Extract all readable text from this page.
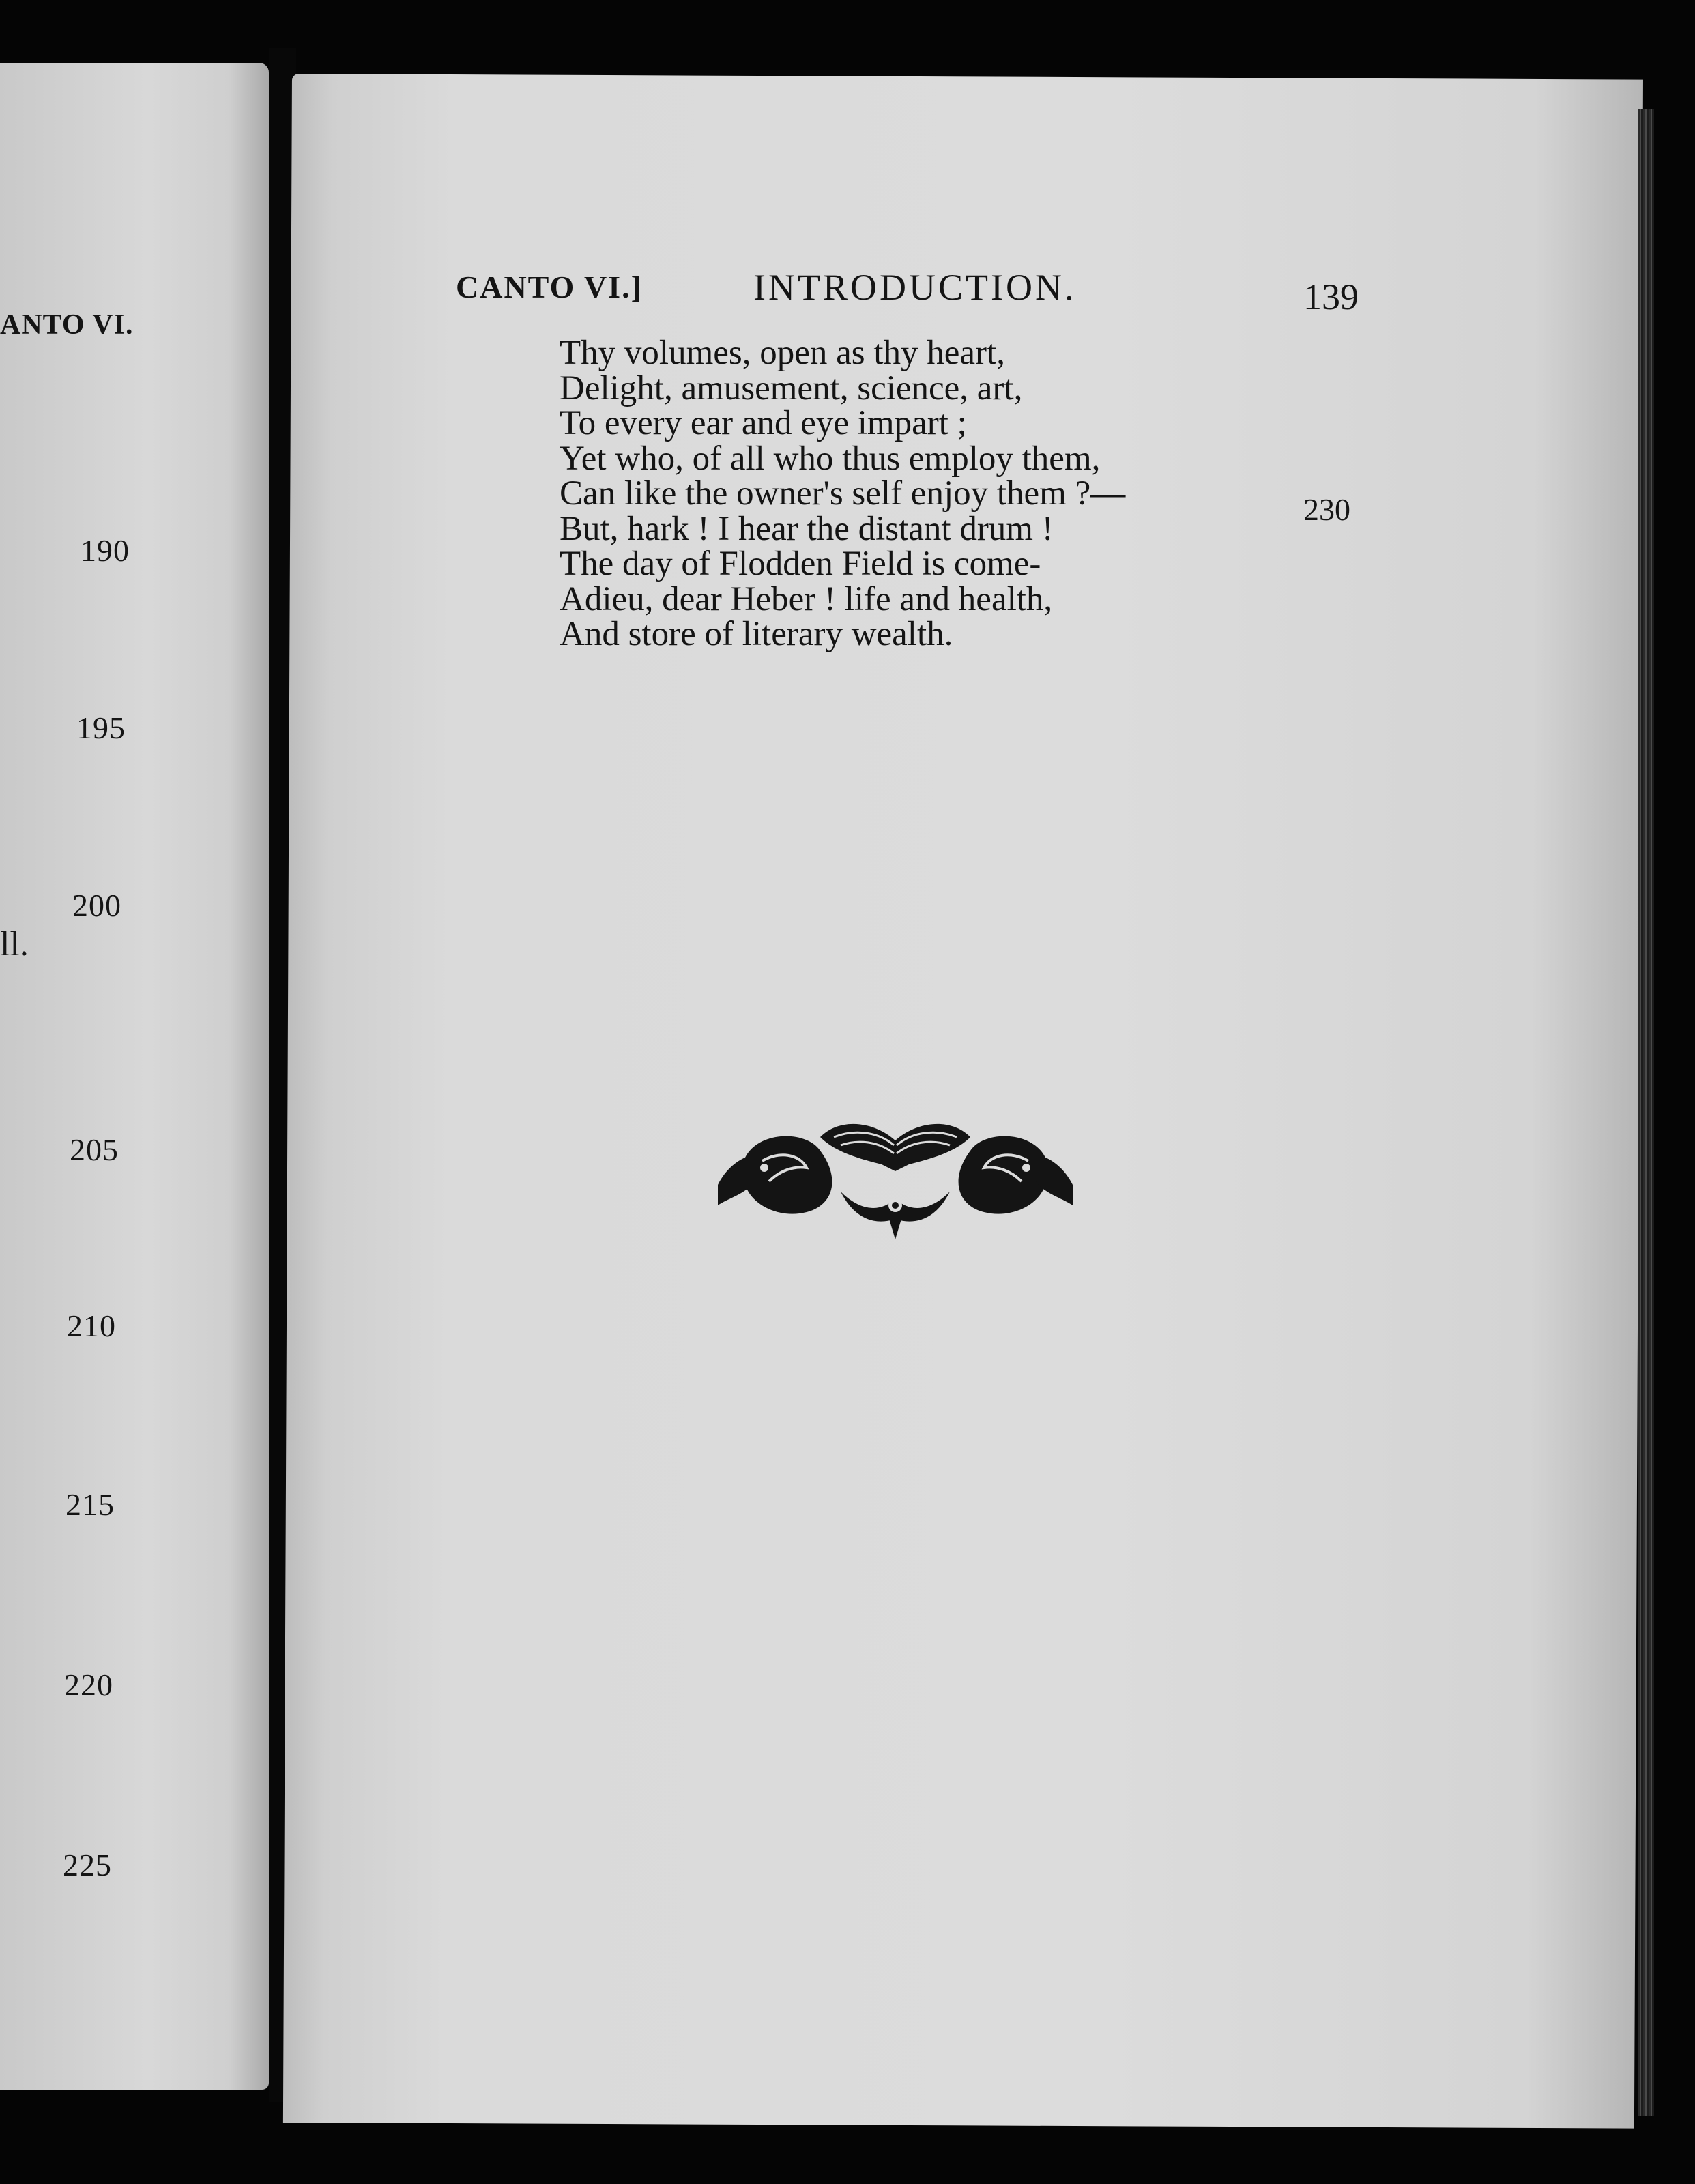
ANTO VI.

190

195

200

205

210

215

220

225

ll.

CANTO VI.]	INTRODUCTION.	139

Thy volumes, open as thy heart,
Delight, amusement, science, art,
To every ear and eye impart ;
Yet who, of all who thus employ them,
Can like the owner's self enjoy them ?—
But, hark ! I hear the distant drum !
The day of Flodden Field is come-
Adieu, dear Heber ! life and health,
And store of literary wealth.

230
